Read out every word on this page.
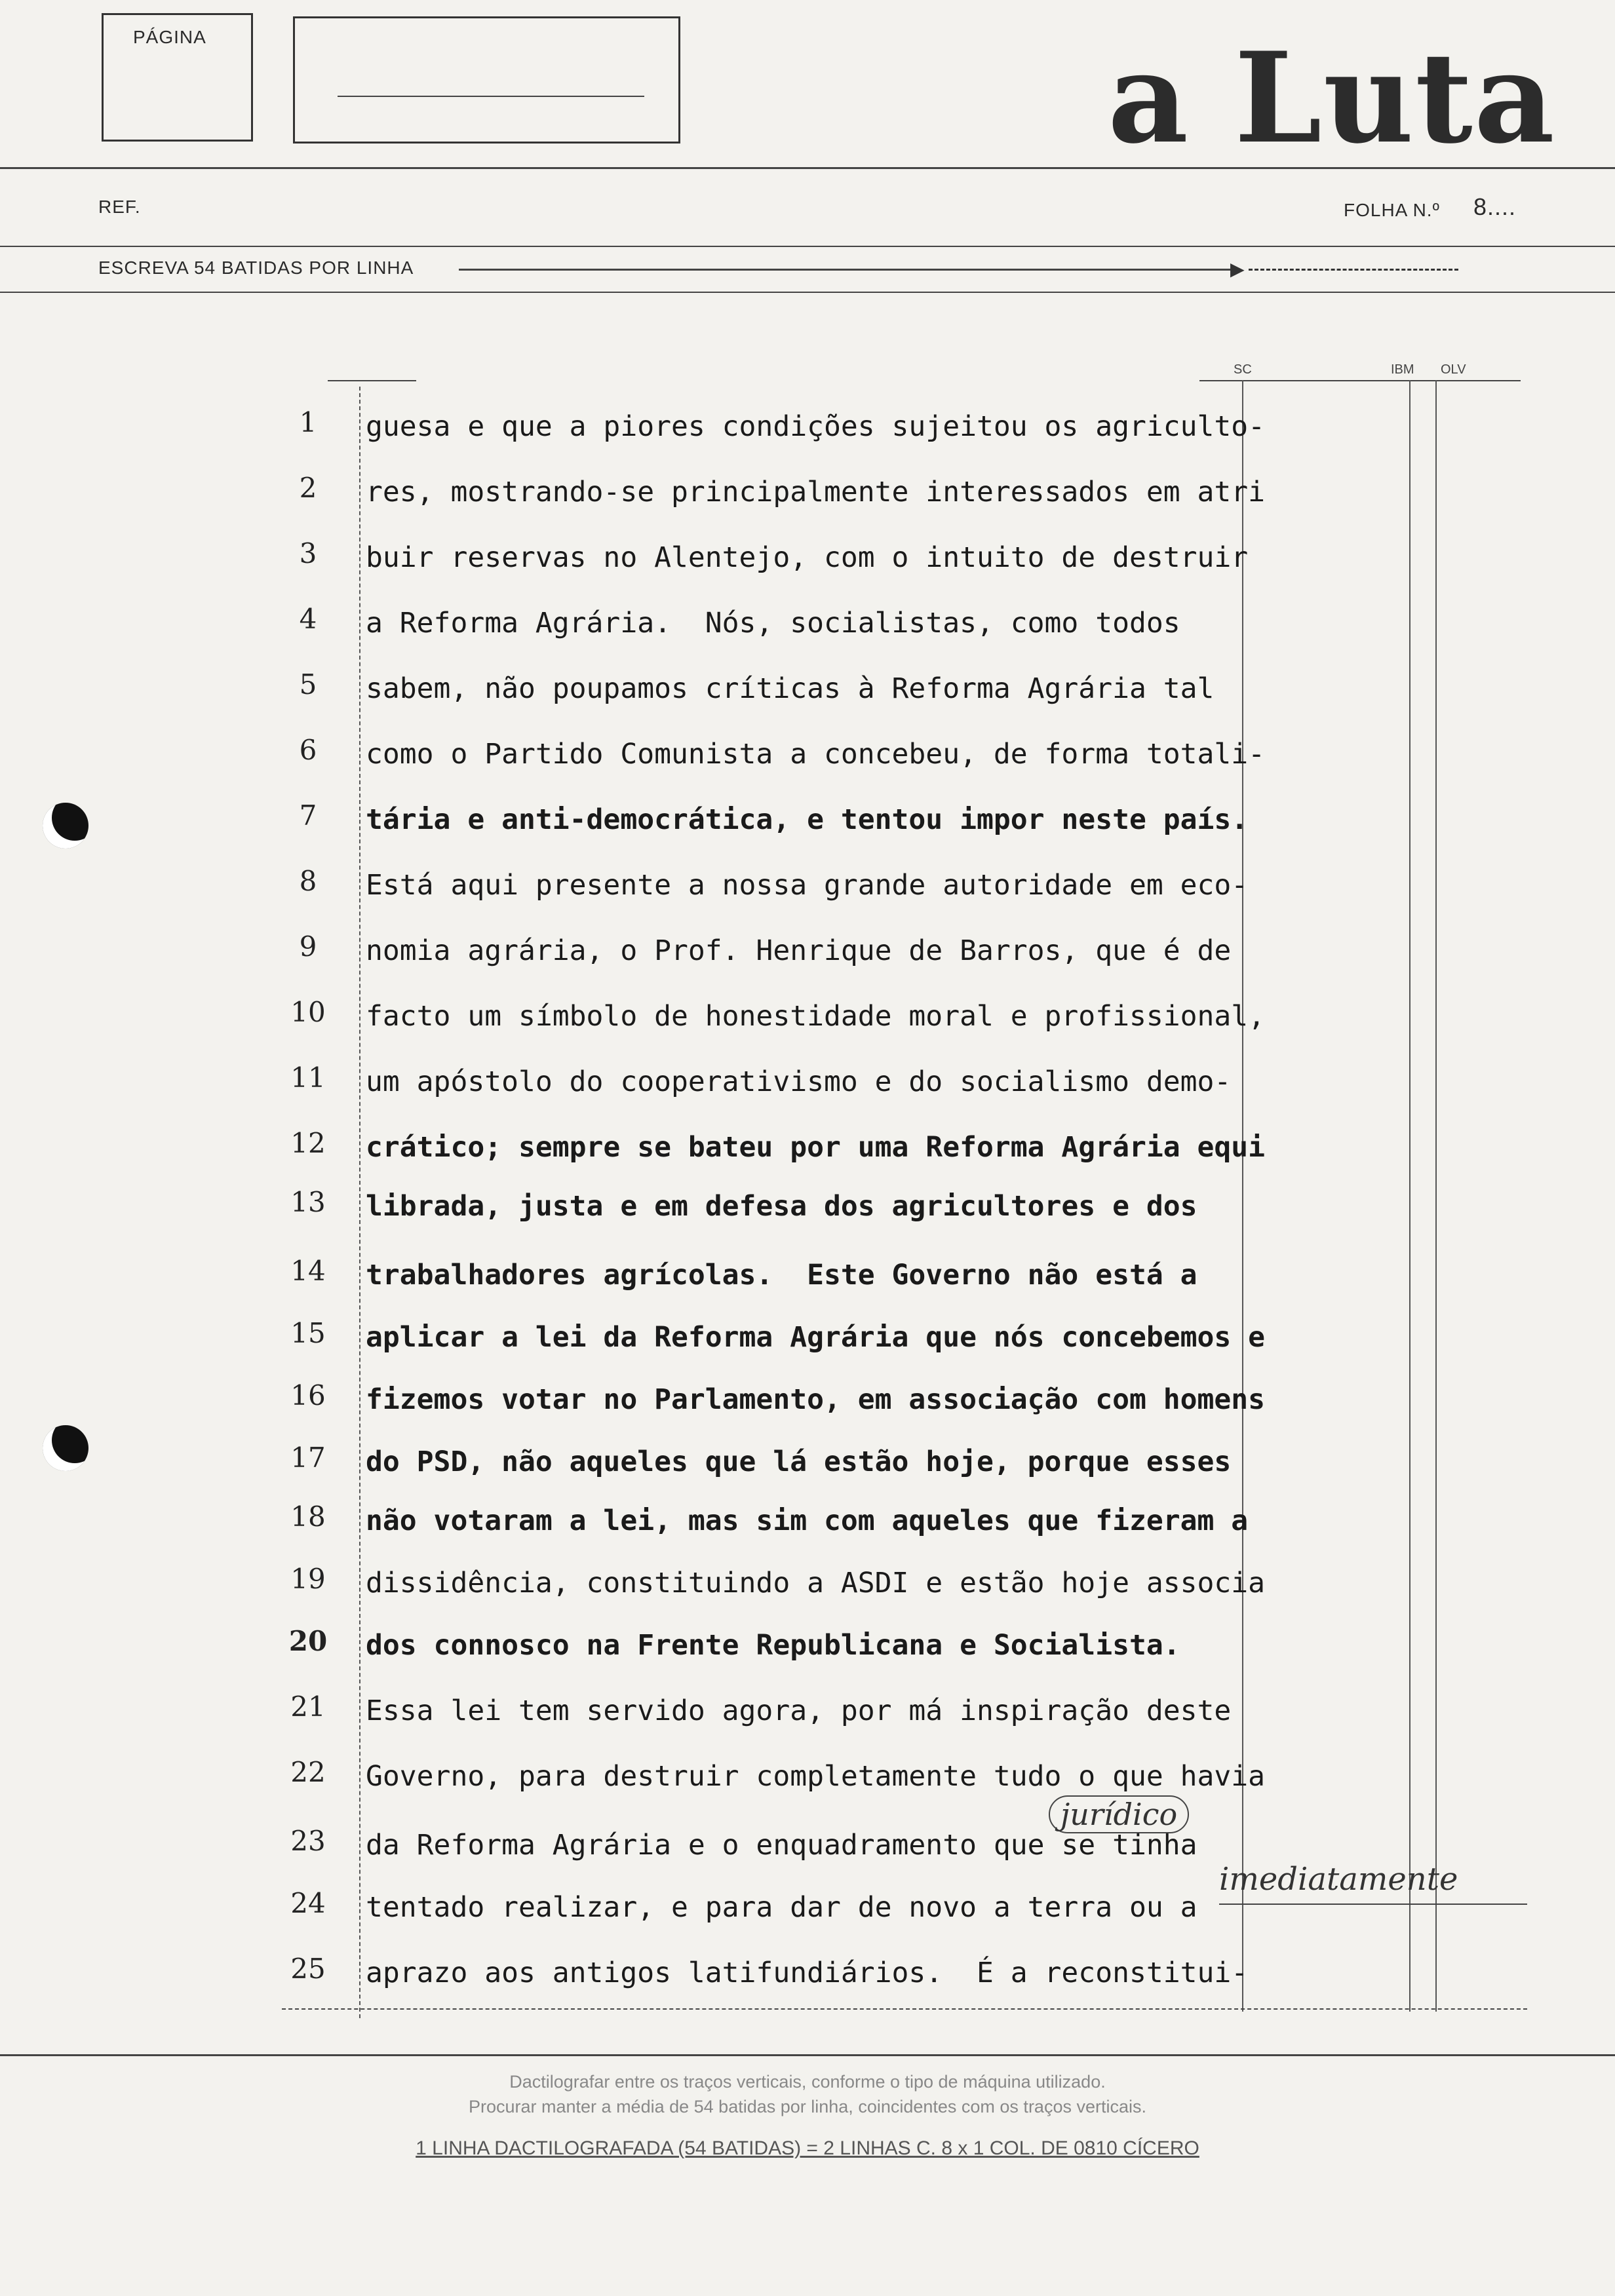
PÁGINA	a Luta
REF.	FOLHA N.º 8....
ESCREVA 54 BATIDAS POR LINHA	►
SC	IBM OLV
1	guesa e que a piores condições sujeitou os agricultο-
2	res, mostrando-se principalmente interessados em atri
3	buir reservas no Alentejo, com o intuito de destruir
4	a Reforma Agrária.  Nós, socialistas, como todos
5	sabem, não poupamos críticas à Reforma Agrária tal
6	como o Partido Comunista a concebeu, de forma totali-
7	tária e anti-democrática, e tentou impor neste país.
8	Está aqui presente a nossa grande autoridade em eco-
9	nomia agrária, o Prof. Henrique de Barros, que é de
10	facto um símbolo de honestidade moral e profissional,
11	um apóstolo do cooperativismo e do socialismo demo-
12	crático; sempre se bateu por uma Reforma Agrária equi
13	librada, justa e em defesa dos agricultores e dos
14	trabalhadores agrícolas.  Este Governo não está a
15	aplicar a lei da Reforma Agrária que nós concebemos e
16	fizemos votar no Parlamento, em associação com homens
17	do PSD, não aqueles que lá estão hoje, porque esses
18	não votaram a lei, mas sim com aqueles que fizeram a
19	dissidência, constituindo a ASDI e estão hoje associa
20	dos connosco na Frente Republicana e Socialista.
21	Essa lei tem servido agora, por má inspiração deste
22	Governo, para destruir completamente tudo o que havia
23	da Reforma Agrária e o enquadramento que se tinha
24	tentado realizar, e para dar de novo a terra ou a
25	aprazo aos antigos latifundiários.  É a reconstitui-
jurídico
imediatamente
Dactilografar entre os traços verticais, conforme o tipo de máquina utilizado.
Procurar manter a média de 54 batidas por linha, coincidentes com os traços verticais.
1 LINHA DACTILOGRAFADA (54 BATIDAS) = 2 LINHAS C. 8 x 1 COL. DE 0810 CÍCERO
